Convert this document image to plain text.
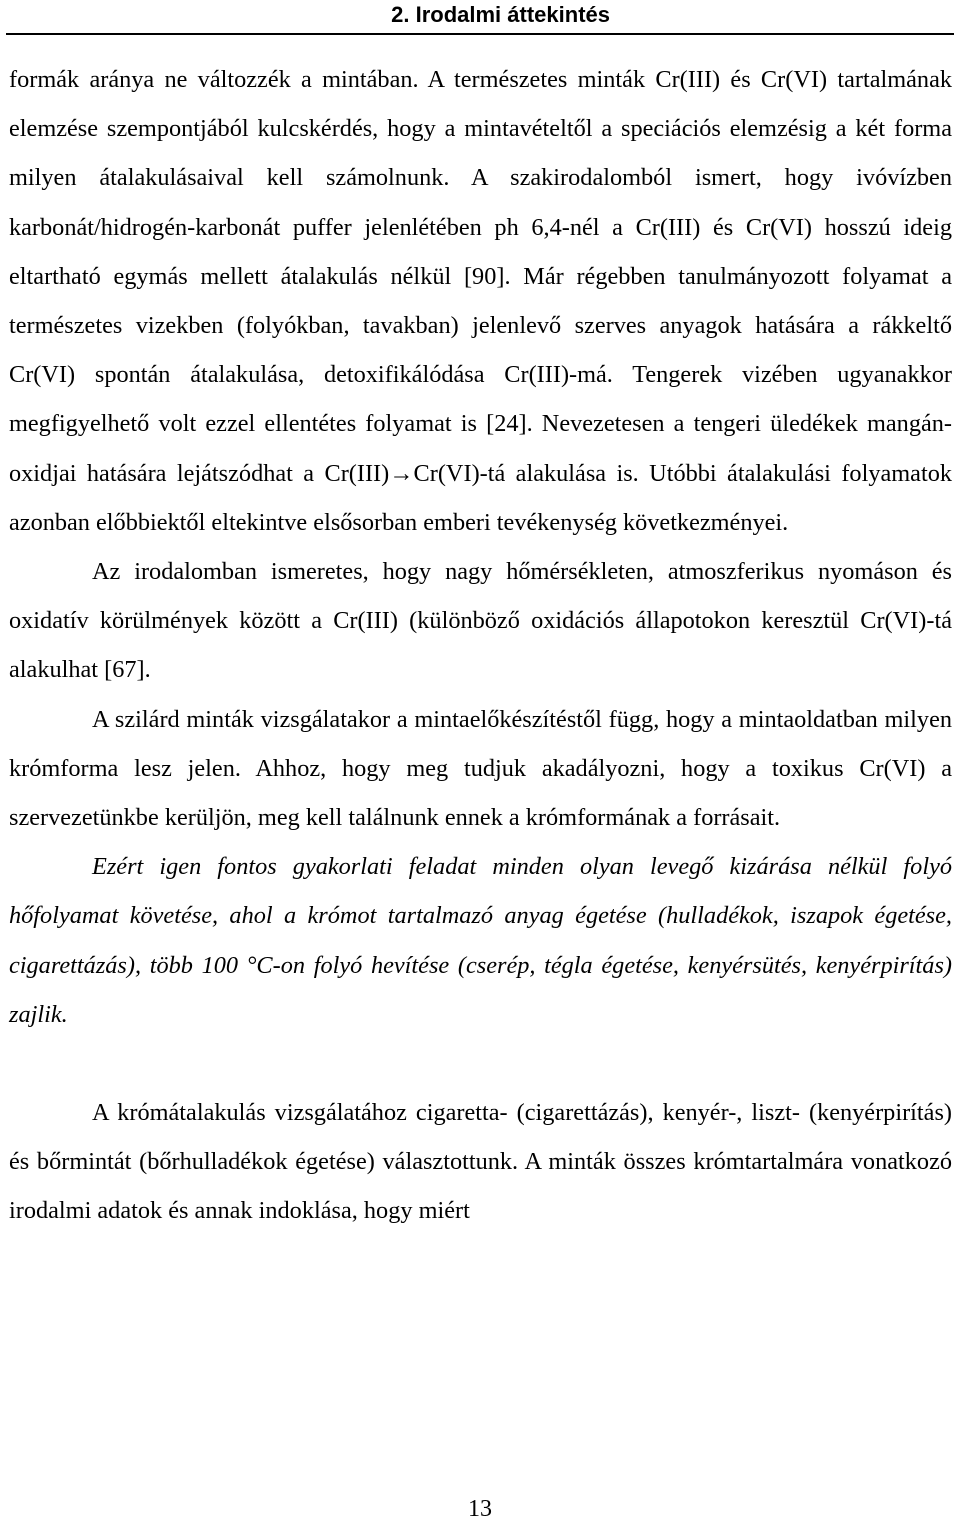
2. Irodalmi áttekintés

formák aránya ne változzék a mintában. A természetes minták Cr(III) és Cr(VI) tartalmának elemzése szempontjából kulcskérdés, hogy a mintavételtől a speciációs elemzésig a két forma milyen átalakulásaival kell számolnunk. A szakirodalomból ismert, hogy ivóvízben karbonát/hidrogén-karbonát puffer jelenlétében ph 6,4-nél a Cr(III) és Cr(VI) hosszú ideig eltartható egymás mellett átalakulás nélkül [90]. Már régebben tanulmányozott folyamat a természetes vizekben (folyókban, tavakban) jelenlevő szerves anyagok hatására a rákkeltő Cr(VI) spontán átalakulása, detoxifikálódása Cr(III)-má. Tengerek vizében ugyanakkor megfigyelhető volt ezzel ellentétes folyamat is [24]. Nevezetesen a tengeri üledékek mangán-oxidjai hatására lejátszódhat a Cr(III)→Cr(VI)-tá alakulása is. Utóbbi átalakulási folyamatok azonban előbbiektől eltekintve elsősorban emberi tevékenység következményei.

Az irodalomban ismeretes, hogy nagy hőmérsékleten, atmoszferikus nyomáson és oxidatív körülmények között a Cr(III) (különböző oxidációs állapotokon keresztül Cr(VI)-tá alakulhat [67].

A szilárd minták vizsgálatakor a mintaelőkészítéstől függ, hogy a mintaoldatban milyen krómforma lesz jelen. Ahhoz, hogy meg tudjuk akadályozni, hogy a toxikus Cr(VI) a szervezetünkbe kerüljön, meg kell találnunk ennek a krómformának a forrásait.

Ezért igen fontos gyakorlati feladat minden olyan levegő kizárása nélkül folyó hőfolyamat követése, ahol a krómot tartalmazó anyag égetése (hulladékok, iszapok égetése, cigarettázás), több 100 °C-on folyó hevítése (cserép, tégla égetése, kenyérsütés, kenyérpirítás) zajlik.

A krómátalakulás vizsgálatához cigaretta- (cigarettázás), kenyér-, liszt- (kenyérpirítás) és bőrmintát (bőrhulladékok égetése) választottunk. A minták összes krómtartalmára vonatkozó irodalmi adatok és annak indoklása, hogy miért

13
